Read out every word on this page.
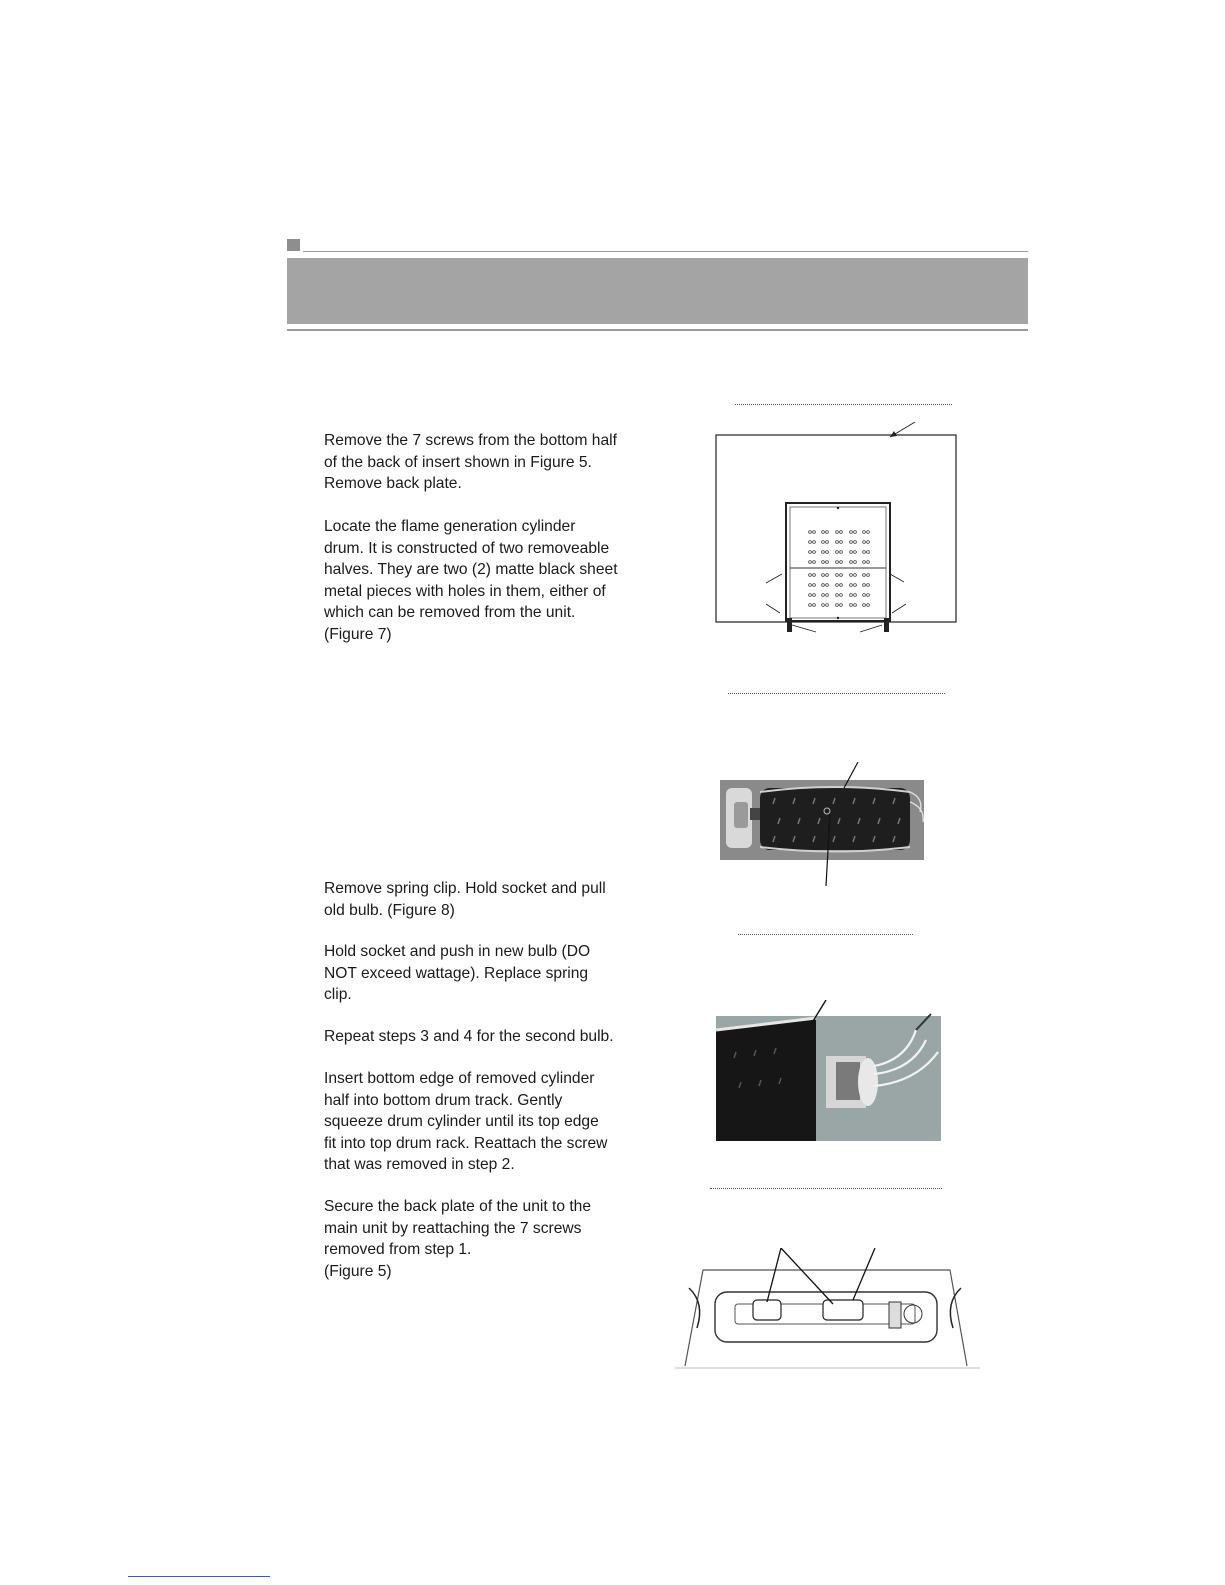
Remove the 7 screws from the bottom half
of the back of insert shown in Figure 5.
Remove back plate.

Locate the flame generation cylinder
drum. It is constructed of two removeable
halves. They are two (2) matte black sheet
metal pieces with holes in them, either of
which can be removed from the unit.
(Figure 7)

Remove spring clip. Hold socket and pull
old bulb. (Figure 8)

Hold socket and push in new bulb (DO
NOT exceed wattage). Replace spring
clip.

Repeat steps 3 and 4 for the second bulb.

Insert bottom edge of removed cylinder
half into bottom drum track. Gently
squeeze drum cylinder until its top edge
fit into top drum rack. Reattach the screw
that was removed in step 2.

Secure the back plate of the unit to the
main unit by reattaching the 7 screws
removed from step 1.
(Figure 5)
